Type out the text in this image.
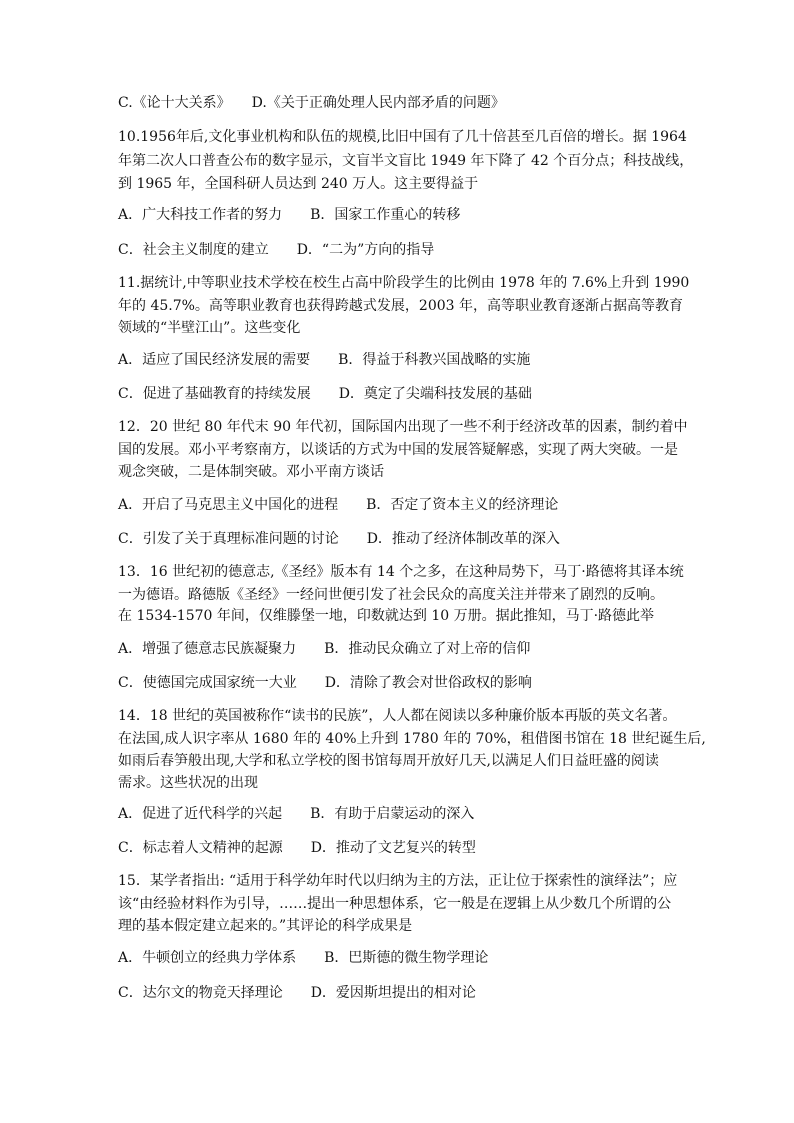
C.《论十大关系》　　D.《关于正确处理人民内部矛盾的问题》
10.1956年后,文化事业机构和队伍的规模,比旧中国有了几十倍甚至几百倍的增长。据 1964
年第二次人口普查公布的数字显示，文盲半文盲比 1949 年下降了 42 个百分点；科技战线，
到 1965 年，全国科研人员达到 240 万人。这主要得益于
A．广大科技工作者的努力　　B．国家工作重心的转移
C．社会主义制度的建立　　D．“二为”方向的指导
11.据统计,中等职业技术学校在校生占高中阶段学生的比例由 1978 年的 7.6%上升到 1990
年的 45.7%。高等职业教育也获得跨越式发展，2003 年，高等职业教育逐渐占据高等教育
领域的“半壁江山”。这些变化
A．适应了国民经济发展的需要　　B．得益于科教兴国战略的实施
C．促进了基础教育的持续发展　　D．奠定了尖端科技发展的基础
12．20 世纪 80 年代末 90 年代初，国际国内出现了一些不利于经济改革的因素，制约着中
国的发展。邓小平考察南方，以谈话的方式为中国的发展答疑解惑，实现了两大突破。一是
观念突破，二是体制突破。邓小平南方谈话
A．开启了马克思主义中国化的进程　　B．否定了资本主义的经济理论
C．引发了关于真理标准问题的讨论　　D．推动了经济体制改革的深入
13．16 世纪初的德意志,《圣经》版本有 14 个之多，在这种局势下，马丁·路德将其译本统
一为德语。路德版《圣经》一经问世便引发了社会民众的高度关注并带来了剧烈的反响。
在 1534-1570 年间，仅维滕堡一地，印数就达到 10 万册。据此推知，马丁·路德此举
A．增强了德意志民族凝聚力　　B．推动民众确立了对上帝的信仰
C．使德国完成国家统一大业　　D．清除了教会对世俗政权的影响
14．18 世纪的英国被称作“读书的民族”，人人都在阅读以多种廉价版本再版的英文名著。
在法国,成人识字率从 1680 年的 40%上升到 1780 年的 70%，租借图书馆在 18 世纪诞生后,
如雨后春笋般出现,大学和私立学校的图书馆每周开放好几天,以满足人们日益旺盛的阅读
需求。这些状况的出现
A．促进了近代科学的兴起　　B．有助于启蒙运动的深入
C．标志着人文精神的起源　　D．推动了文艺复兴的转型
15．某学者指出: “适用于科学幼年时代以归纳为主的方法，正让位于探索性的演绎法”；应
该“由经验材料作为引导，……提出一种思想体系，它一般是在逻辑上从少数几个所谓的公
理的基本假定建立起来的。”其评论的科学成果是
A．牛顿创立的经典力学体系　　B．巴斯德的微生物学理论
C．达尔文的物竞天择理论　　D．爱因斯坦提出的相对论
